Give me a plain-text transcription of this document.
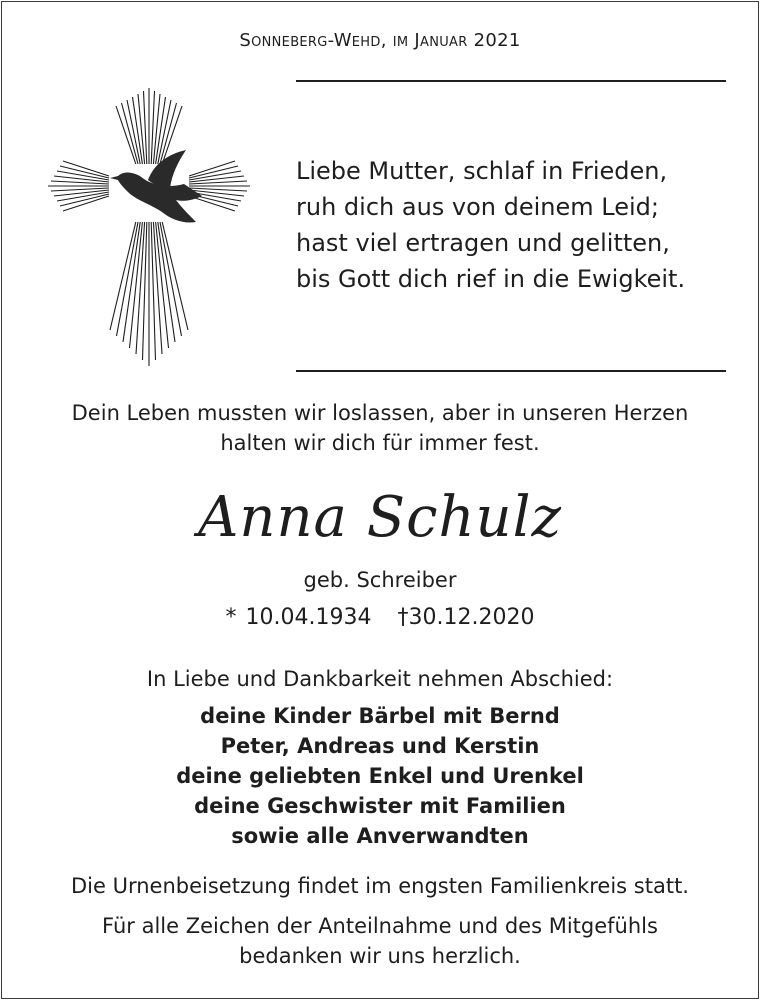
Sonneberg-Wehd, im Januar 2021
Liebe Mutter, schlaf in Frieden,
ruh dich aus von deinem Leid;
hast viel ertragen und gelitten,
bis Gott dich rief in die Ewigkeit.
Dein Leben mussten wir loslassen, aber in unseren Herzen
halten wir dich für immer fest.
Anna Schulz
geb. Schreiber
* 10.04.1934 †30.12.2020
In Liebe und Dankbarkeit nehmen Abschied:
deine Kinder Bärbel mit Bernd
Peter, Andreas und Kerstin
deine geliebten Enkel und Urenkel
deine Geschwister mit Familien
sowie alle Anverwandten
Die Urnenbeisetzung findet im engsten Familienkreis statt.
Für alle Zeichen der Anteilnahme und des Mitgefühls
bedanken wir uns herzlich.
